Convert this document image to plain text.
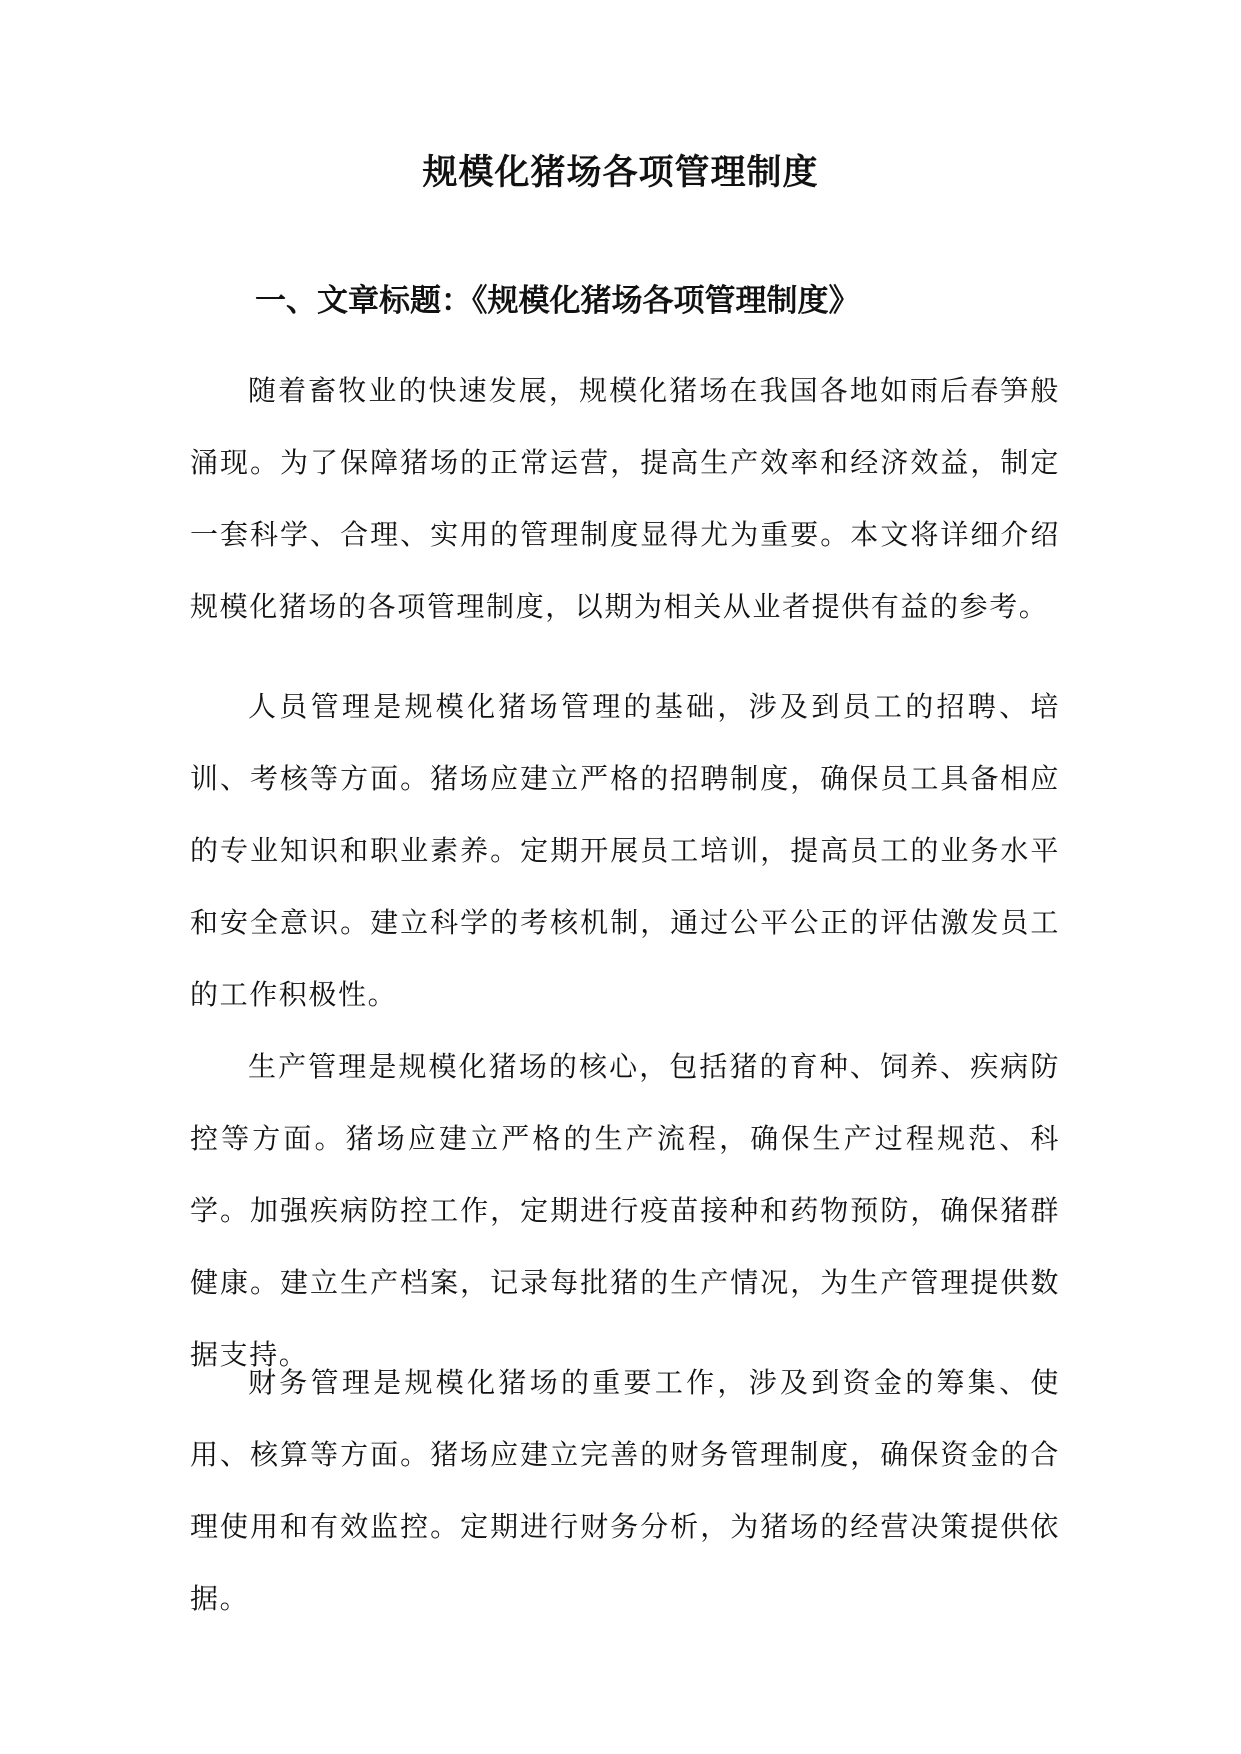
规模化猪场各项管理制度
一、文章标题：《规模化猪场各项管理制度》

随着畜牧业的快速发展，规模化猪场在我国各地如雨后春笋般涌现。为了保障猪场的正常运营，提高生产效率和经济效益，制定一套科学、合理、实用的管理制度显得尤为重要。本文将详细介绍规模化猪场的各项管理制度，以期为相关从业者提供有益的参考。

人员管理是规模化猪场管理的基础，涉及到员工的招聘、培训、考核等方面。猪场应建立严格的招聘制度，确保员工具备相应的专业知识和职业素养。定期开展员工培训，提高员工的业务水平和安全意识。建立科学的考核机制，通过公平公正的评估激发员工的工作积极性。

生产管理是规模化猪场的核心，包括猪的育种、饲养、疾病防控等方面。猪场应建立严格的生产流程，确保生产过程规范、科学。加强疾病防控工作，定期进行疫苗接种和药物预防，确保猪群健康。建立生产档案，记录每批猪的生产情况，为生产管理提供数据支持。

财务管理是规模化猪场的重要工作，涉及到资金的筹集、使用、核算等方面。猪场应建立完善的财务管理制度，确保资金的合理使用和有效监控。定期进行财务分析，为猪场的经营决策提供依据。
